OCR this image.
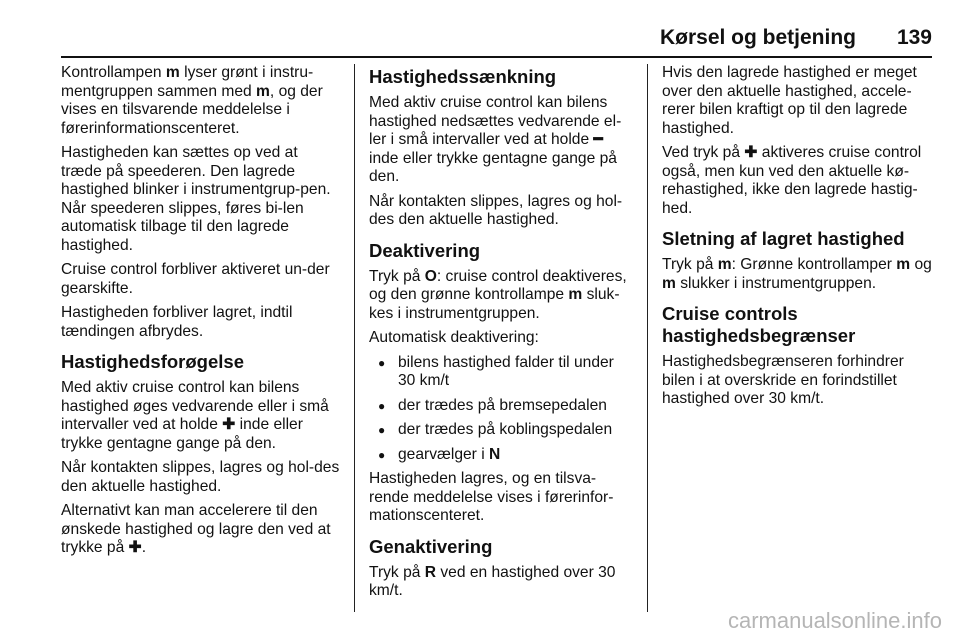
Kørsel og betjening 139

Kontrollampen m lyser grønt i instru-mentgruppen sammen med m, og der vises en tilsvarende meddelelse i førerinformationscenteret.

Hastigheden kan sættes op ved at træde på speederen. Den lagrede hastighed blinker i instrumentgrup-pen. Når speederen slippes, føres bi-len automatisk tilbage til den lagrede hastighed.

Cruise control forbliver aktiveret un-der gearskifte.

Hastigheden forbliver lagret, indtil tændingen afbrydes.

Hastighedsforøgelse

Med aktiv cruise control kan bilens hastighed øges vedvarende eller i små intervaller ved at holde ✚ inde eller trykke gentagne gange på den.

Når kontakten slippes, lagres og hol-des den aktuelle hastighed.

Alternativt kan man accelerere til den ønskede hastighed og lagre den ved at trykke på ✚.

Hastighedssænkning

Med aktiv cruise control kan bilens hastighed nedsættes vedvarende el-ler i små intervaller ved at holde ━ inde eller trykke gentagne gange på den.

Når kontakten slippes, lagres og hol-des den aktuelle hastighed.

Deaktivering

Tryk på O: cruise control deaktiveres, og den grønne kontrollampe m sluk-kes i instrumentgruppen.

Automatisk deaktivering:

● bilens hastighed falder til under 30 km/t
● der trædes på bremsepedalen
● der trædes på koblingspedalen
● gearvælger i N

Hastigheden lagres, og en tilsva-rende meddelelse vises i førerinfor-mationscenteret.

Genaktivering

Tryk på R ved en hastighed over 30 km/t.

Hvis den lagrede hastighed er meget over den aktuelle hastighed, accele-rerer bilen kraftigt op til den lagrede hastighed.

Ved tryk på ✚ aktiveres cruise control også, men kun ved den aktuelle kø-rehastighed, ikke den lagrede hastig-hed.

Sletning af lagret hastighed

Tryk på m: Grønne kontrollamper m og m slukker i instrumentgruppen.

Cruise controls hastighedsbegrænser

Hastighedsbegrænseren forhindrer bilen i at overskride en forindstillet hastighed over 30 km/t.

carmanualsonline.info
